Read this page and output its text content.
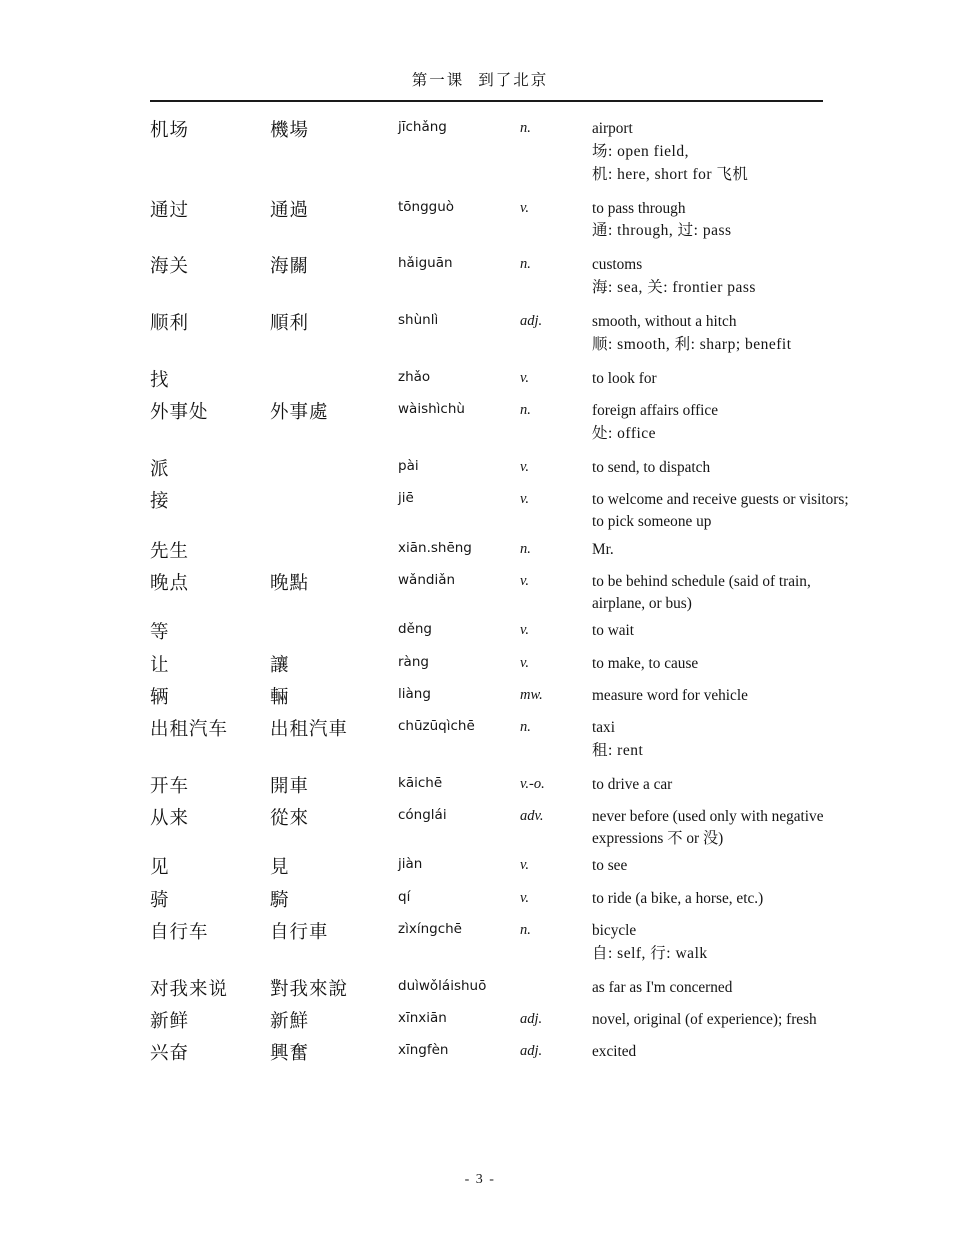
第一课 到了北京
机场	機場	jīchǎng	n.	airport
场: open field,
机: here, short for 飞机

通过	通過	tōngguò	v.	to pass through
通: through, 过: pass

海关	海關	hǎiguān	n.	customs
海: sea, 关: frontier pass

顺利	順利	shùnlì	adj.	smooth, without a hitch
顺: smooth, 利: sharp; benefit

找		zhǎo	v.	to look for

外事处	外事處	wàishìchù	n.	foreign affairs office
处: office

派		pài	v.	to send, to dispatch

接		jiē	v.	to welcome and receive guests or visitors; to pick someone up

先生		xiān.shēng	n.	Mr.

晚点	晚點	wǎndiǎn	v.	to be behind schedule (said of train, airplane, or bus)

等		děng	v.	to wait

让	讓	ràng	v.	to make, to cause

辆	輛	liàng	mw.	measure word for vehicle

出租汽车	出租汽車	chūzūqìchē	n.	taxi
租: rent

开车	開車	kāichē	v.-o.	to drive a car

从来	從來	cónglái	adv.	never before (used only with negative expressions 不 or 没)

见	見	jiàn	v.	to see

骑	騎	qí	v.	to ride (a bike, a horse, etc.)

自行车	自行車	zìxíngchē	n.	bicycle
自: self, 行: walk

对我来说	對我來說	duìwǒláishuō		as far as I'm concerned

新鲜	新鮮	xīnxiān	adj.	novel, original (of experience); fresh

兴奋	興奮	xīngfèn	adj.	excited
- 3 -
